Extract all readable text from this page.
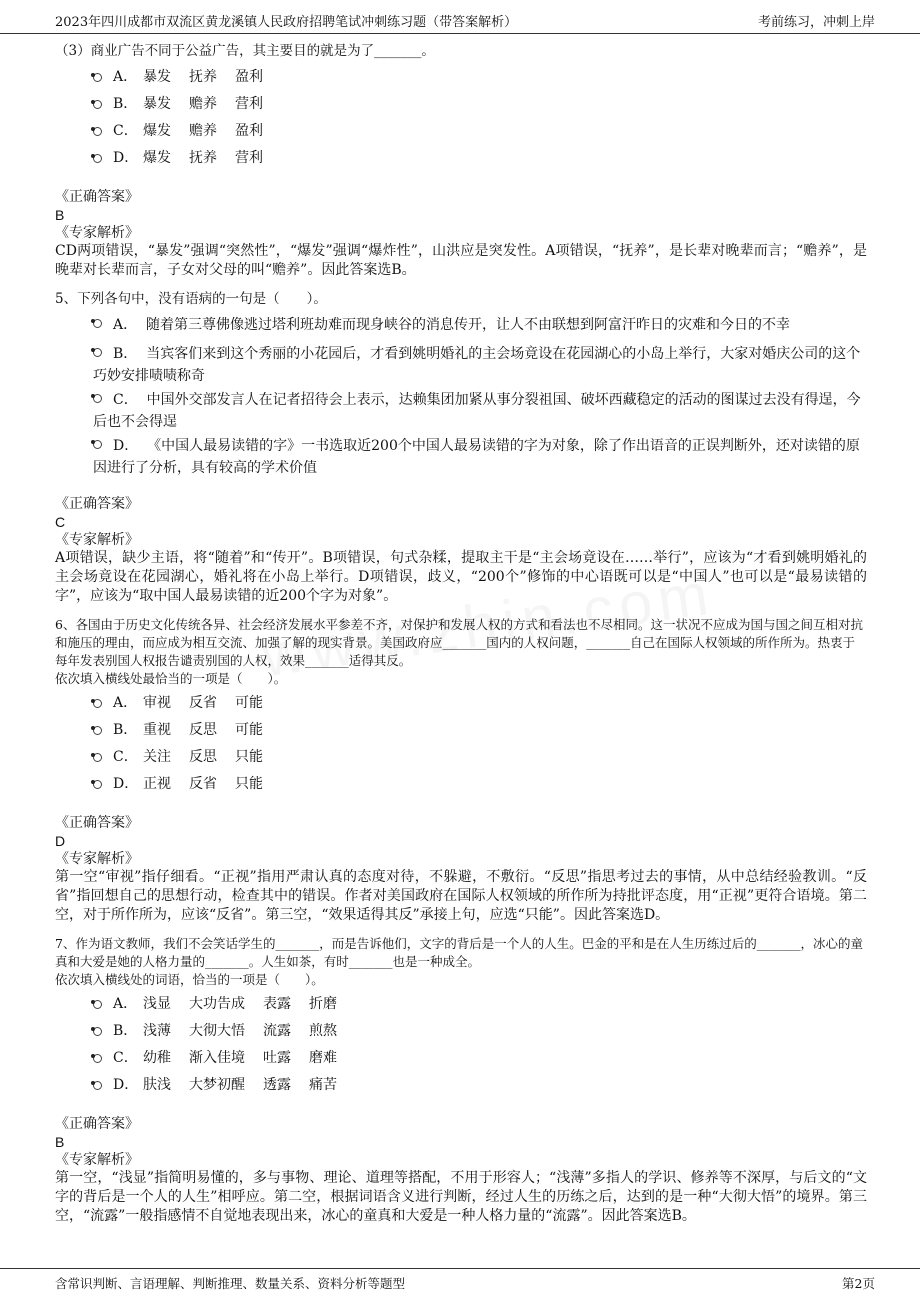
2023年四川成都市双流区黄龙溪镇人民政府招聘笔试冲刺练习题（带答案解析）	考前练习，冲刺上岸

（3）商业广告不同于公益广告，其主要目的就是为了_______。

A． 暴发 抚养 盈利
B． 暴发 赡养 营利
C． 爆发 赡养 盈利
D． 爆发 抚养 营利
《正确答案》
B
《专家解析》
CD两项错误，“暴发”强调“突然性”，“爆发”强调“爆炸性”，山洪应是突发性。A项错误，“抚养”，是长辈对晚辈而言；“赡养”，是晚辈对长辈而言，子女对父母的叫“赡养”。因此答案选B。

5、下列各句中，没有语病的一句是（　　）。

A． 随着第三尊佛像逃过塔利班劫难而现身峡谷的消息传开，让人不由联想到阿富汗昨日的灾难和今日的不幸
B． 当宾客们来到这个秀丽的小花园后，才看到姚明婚礼的主会场竟设在花园湖心的小岛上举行，大家对婚庆公司的这个巧妙安排啧啧称奇
C． 中国外交部发言人在记者招待会上表示，达赖集团加紧从事分裂祖国、破坏西藏稳定的活动的图谋过去没有得逞，今后也不会得逞
D． 《中国人最易读错的字》一书选取近200个中国人最易读错的字为对象，除了作出语音的正误判断外，还对读错的原因进行了分析，具有较高的学术价值
《正确答案》
C
《专家解析》
A项错误，缺少主语，将“随着”和“传开”。B项错误，句式杂糅，提取主干是“主会场竟设在……举行”，应该为“才看到姚明婚礼的主会场竟设在花园湖心，婚礼将在小岛上举行。D项错误，歧义，“200个”修饰的中心语既可以是“中国人”也可以是“最易读错的字”，应该为“取中国人最易读错的近200个字为对象”。

6、各国由于历史文化传统各异、社会经济发展水平参差不齐，对保护和发展人权的方式和看法也不尽相同。这一状况不应成为国与国之间互相对抗和施压的理由，而应成为相互交流、加强了解的现实背景。美国政府应_______国内的人权问题，_______自己在国际人权领域的所作所为。热衷于每年发表别国人权报告谴责别国的人权，效果_______适得其反。

依次填入横线处最恰当的一项是（　　）。

A． 审视 反省 可能
B． 重视 反思 可能
C． 关注 反思 只能
D． 正视 反省 只能
《正确答案》
D
《专家解析》
第一空“审视”指仔细看。“正视”指用严肃认真的态度对待，不躲避，不敷衍。“反思”指思考过去的事情，从中总结经验教训。“反省”指回想自己的思想行动，检查其中的错误。作者对美国政府在国际人权领域的所作所为持批评态度，用“正视”更符合语境。第二空，对于所作所为，应该“反省”。第三空，“效果适得其反”承接上句，应选“只能”。因此答案选D。

7、作为语文教师，我们不会笑话学生的_______，而是告诉他们，文字的背后是一个人的人生。巴金的平和是在人生历练过后的_______，冰心的童真和大爱是她的人格力量的_______。人生如茶，有时_______也是一种成全。

依次填入横线处的词语，恰当的一项是（　　）。

A． 浅显 大功告成 表露 折磨
B． 浅薄 大彻大悟 流露 煎熬
C． 幼稚 渐入佳境 吐露 磨难
D． 肤浅 大梦初醒 透露 痛苦
《正确答案》
B
《专家解析》
第一空，“浅显”指简明易懂的，多与事物、理论、道理等搭配，不用于形容人；“浅薄”多指人的学识、修养等不深厚，与后文的“文字的背后是一个人的人生”相呼应。第二空，根据词语含义进行判断，经过人生的历练之后，达到的是一种“大彻大悟”的境界。第三空，“流露”一般指感情不自觉地表现出来，冰心的童真和大爱是一种人格力量的“流露”。因此答案选B。
含常识判断、言语理解、判断推理、数量关系、资料分析等题型	第2页
